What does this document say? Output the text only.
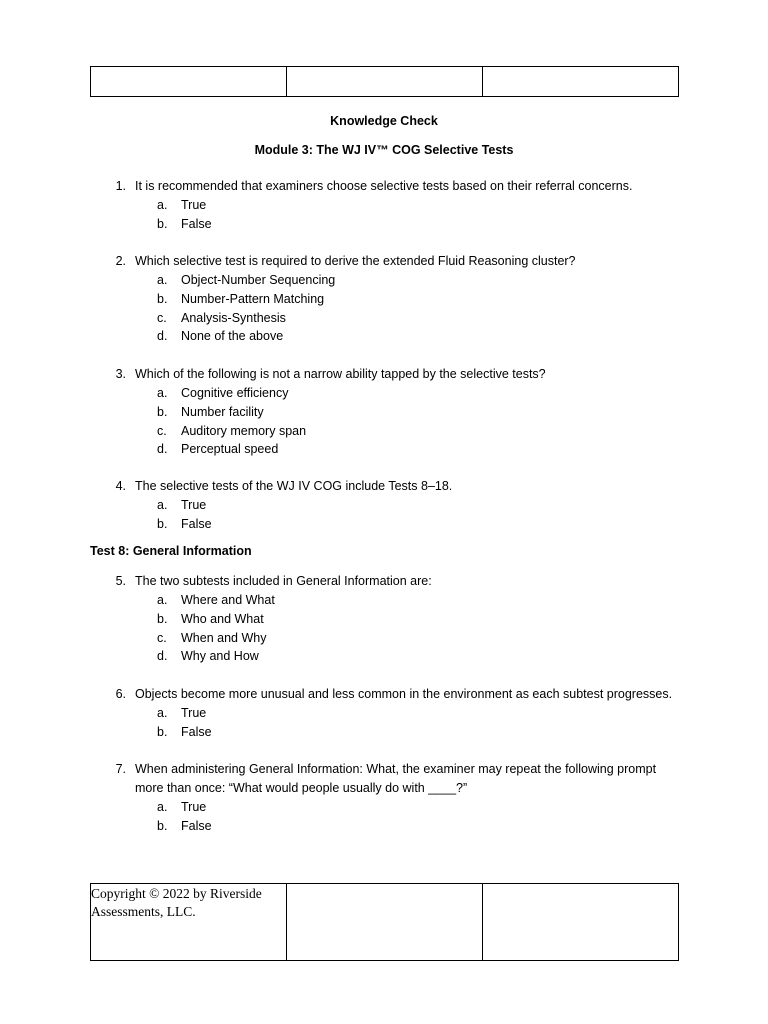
Knowledge Check
Module 3: The WJ IV™ COG Selective Tests
1. It is recommended that examiners choose selective tests based on their referral concerns.
a. True
b. False
2. Which selective test is required to derive the extended Fluid Reasoning cluster?
a. Object-Number Sequencing
b. Number-Pattern Matching
c. Analysis-Synthesis
d. None of the above
3. Which of the following is not a narrow ability tapped by the selective tests?
a. Cognitive efficiency
b. Number facility
c. Auditory memory span
d. Perceptual speed
4. The selective tests of the WJ IV COG include Tests 8–18.
a. True
b. False
Test 8: General Information
5. The two subtests included in General Information are:
a. Where and What
b. Who and What
c. When and Why
d. Why and How
6. Objects become more unusual and less common in the environment as each subtest progresses.
a. True
b. False
7. When administering General Information: What, the examiner may repeat the following prompt more than once: “What would people usually do with ____?”
a. True
b. False
Copyright © 2022 by Riverside Assessments, LLC.
